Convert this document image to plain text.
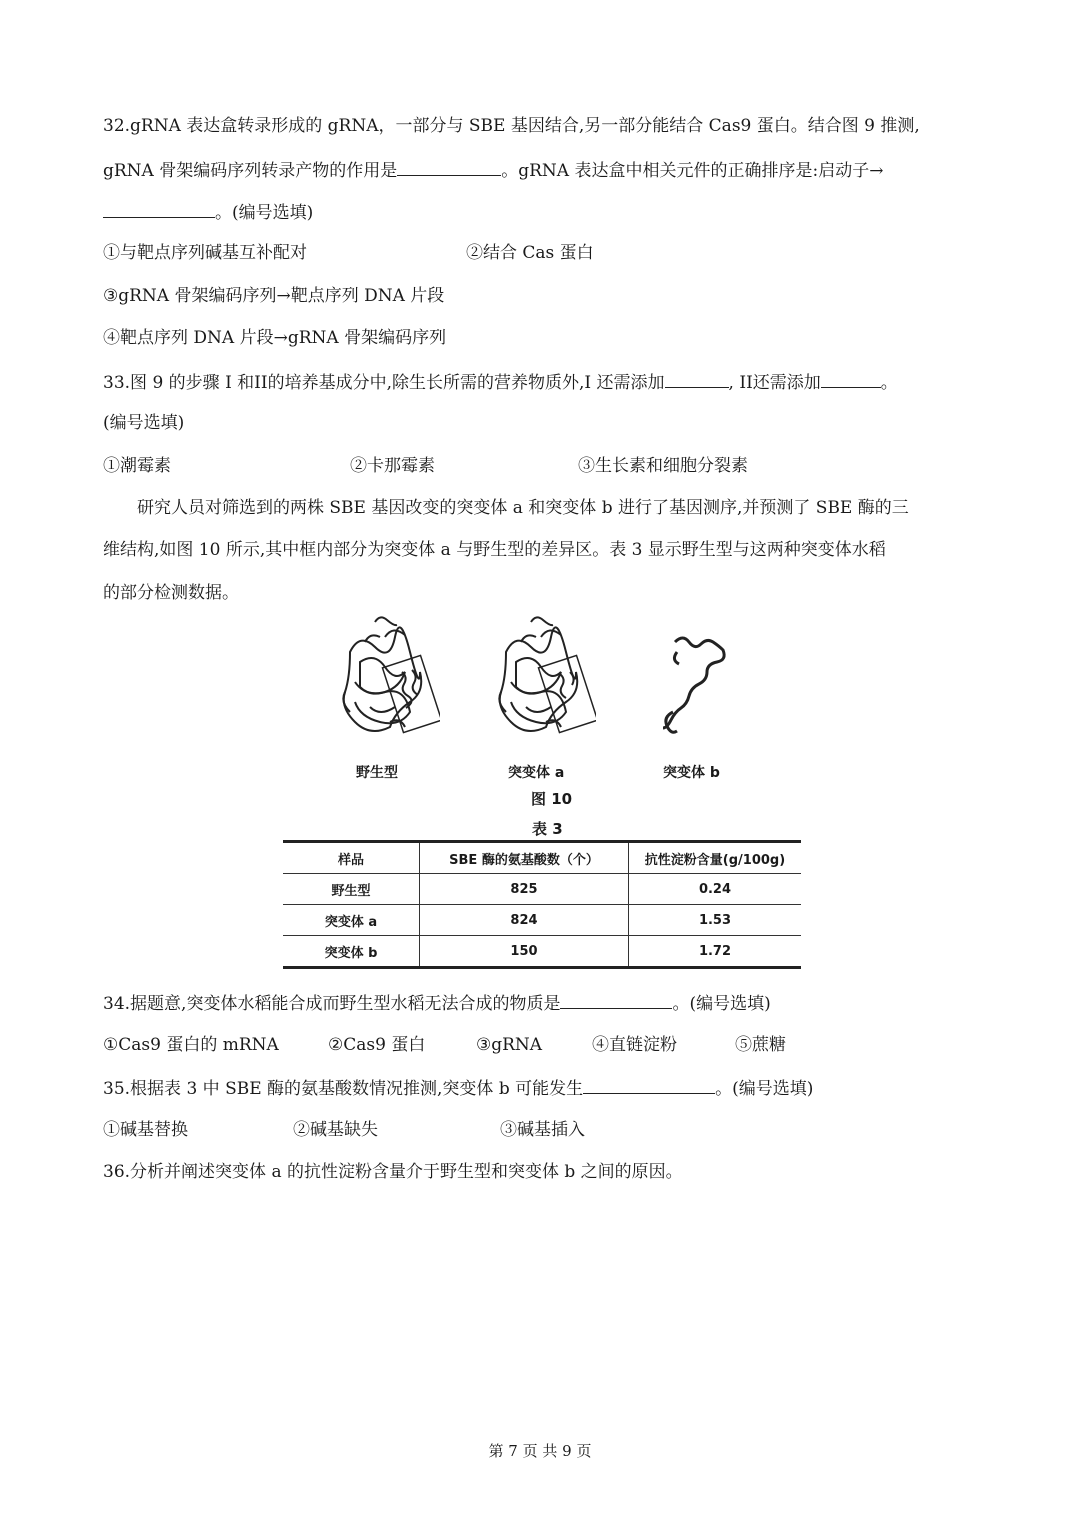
32.gRNA 表达盒转录形成的 gRNA，一部分与 SBE 基因结合,另一部分能结合 Cas9 蛋白。结合图 9 推测,
gRNA 骨架编码序列转录产物的作用是	。gRNA 表达盒中相关元件的正确排序是:启动子→
。(编号选填)
①与靶点序列碱基互补配对	②结合 Cas 蛋白
③gRNA 骨架编码序列→靶点序列 DNA 片段
④靶点序列 DNA 片段→gRNA 骨架编码序列
33.图 9 的步骤 I 和II的培养基成分中,除生长所需的营养物质外,I 还需添加	, II还需添加	。
(编号选填)
①潮霉素	②卡那霉素	③生长素和细胞分裂素
研究人员对筛选到的两株 SBE 基因改变的突变体 a 和突变体 b 进行了基因测序,并预测了 SBE 酶的三
维结构,如图 10 所示,其中框内部分为突变体 a 与野生型的差异区。表 3 显示野生型与这两种突变体水稻
的部分检测数据。
野生型	突变体 a	突变体 b
图 10
表 3
样品	SBE 酶的氨基酸数（个）	抗性淀粉含量(g/100g)
野生型	825	0.24
突变体 a	824	1.53
突变体 b	150	1.72
34.据题意,突变体水稻能合成而野生型水稻无法合成的物质是	。(编号选填)
①Cas9 蛋白的 mRNA	②Cas9 蛋白	③gRNA	④直链淀粉	⑤蔗糖
35.根据表 3 中 SBE 酶的氨基酸数情况推测,突变体 b 可能发生	。(编号选填)
①碱基替换	②碱基缺失	③碱基插入
36.分析并阐述突变体 a 的抗性淀粉含量介于野生型和突变体 b 之间的原因。
第 7 页 共 9 页
